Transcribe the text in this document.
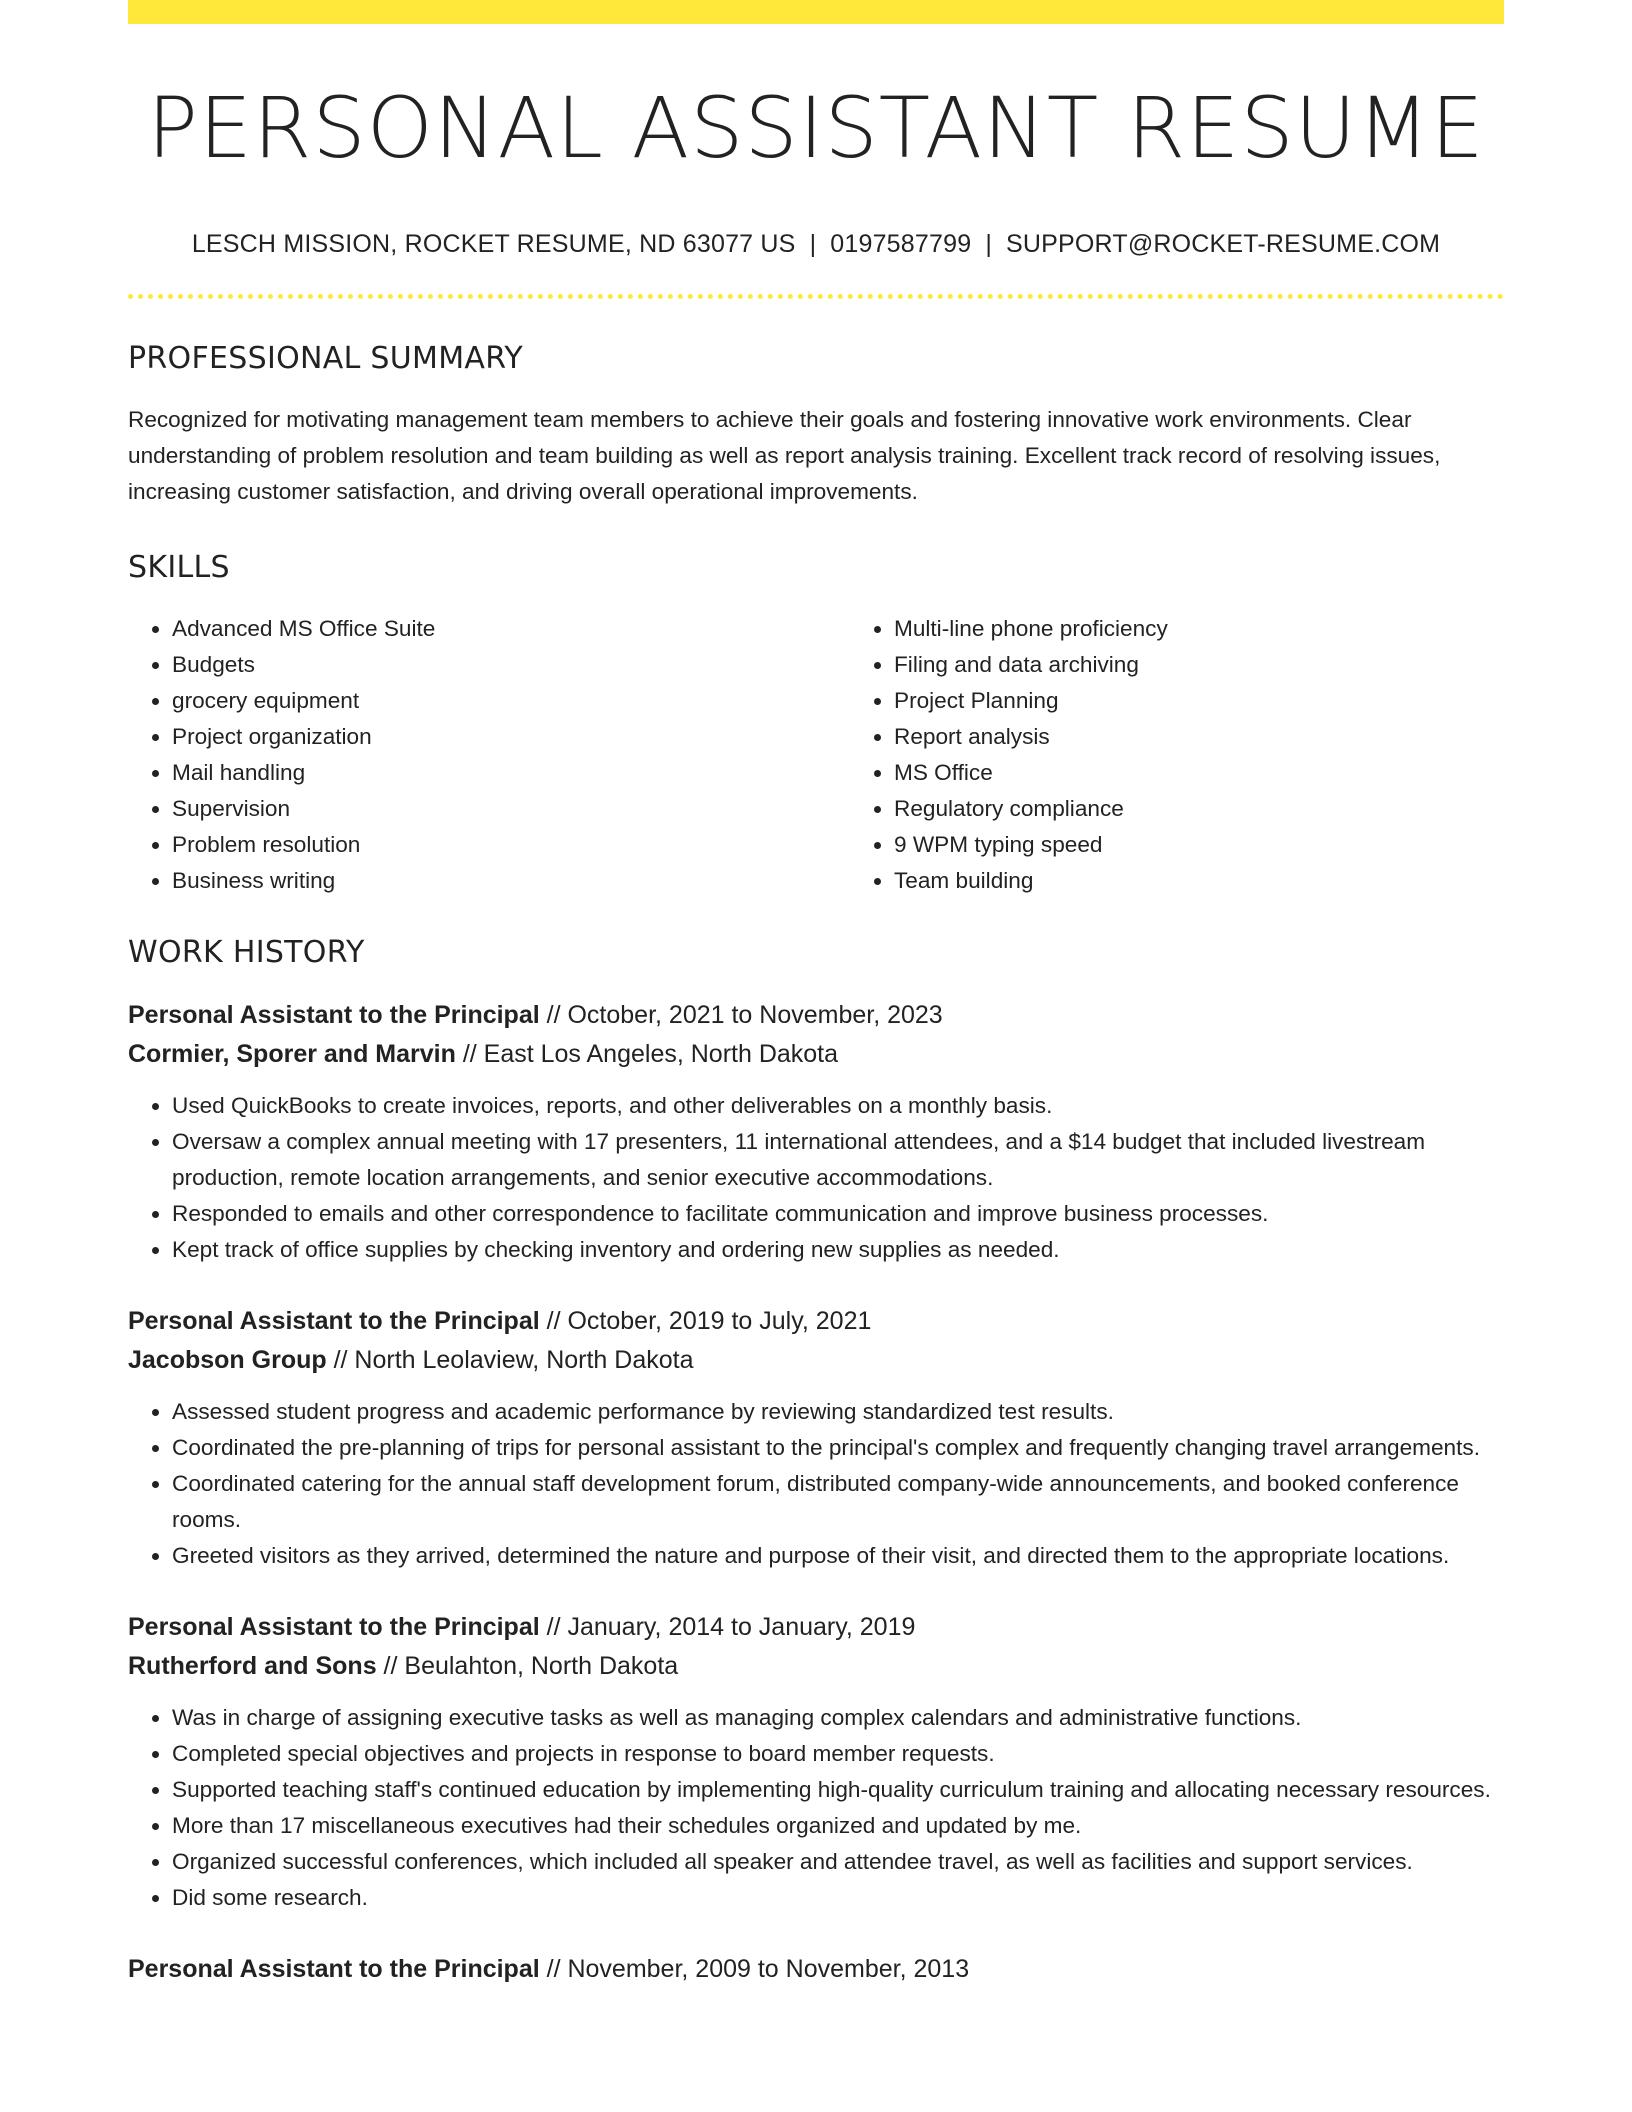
PERSONAL ASSISTANT RESUME
LESCH MISSION, ROCKET RESUME, ND 63077 US | 0197587799 | SUPPORT@ROCKET-RESUME.COM
PROFESSIONAL SUMMARY

Recognized for motivating management team members to achieve their goals and fostering innovative work environments. Clear understanding of problem resolution and team building as well as report analysis training. Excellent track record of resolving issues, increasing customer satisfaction, and driving overall operational improvements.

SKILLS
• Advanced MS Office Suite
• Budgets
• grocery equipment
• Project organization
• Mail handling
• Supervision
• Problem resolution
• Business writing
• Multi-line phone proficiency
• Filing and data archiving
• Project Planning
• Report analysis
• MS Office
• Regulatory compliance
• 9 WPM typing speed
• Team building
WORK HISTORY
Personal Assistant to the Principal // October, 2021 to November, 2023
Cormier, Sporer and Marvin // East Los Angeles, North Dakota
• Used QuickBooks to create invoices, reports, and other deliverables on a monthly basis.
• Oversaw a complex annual meeting with 17 presenters, 11 international attendees, and a $14 budget that included livestream production, remote location arrangements, and senior executive accommodations.
• Responded to emails and other correspondence to facilitate communication and improve business processes.
• Kept track of office supplies by checking inventory and ordering new supplies as needed.
Personal Assistant to the Principal // October, 2019 to July, 2021
Jacobson Group // North Leolaview, North Dakota
• Assessed student progress and academic performance by reviewing standardized test results.
• Coordinated the pre-planning of trips for personal assistant to the principal's complex and frequently changing travel arrangements.
• Coordinated catering for the annual staff development forum, distributed company-wide announcements, and booked conference rooms.
• Greeted visitors as they arrived, determined the nature and purpose of their visit, and directed them to the appropriate locations.
Personal Assistant to the Principal // January, 2014 to January, 2019
Rutherford and Sons // Beulahton, North Dakota
• Was in charge of assigning executive tasks as well as managing complex calendars and administrative functions.
• Completed special objectives and projects in response to board member requests.
• Supported teaching staff's continued education by implementing high-quality curriculum training and allocating necessary resources.
• More than 17 miscellaneous executives had their schedules organized and updated by me.
• Organized successful conferences, which included all speaker and attendee travel, as well as facilities and support services.
• Did some research.
Personal Assistant to the Principal // November, 2009 to November, 2013
